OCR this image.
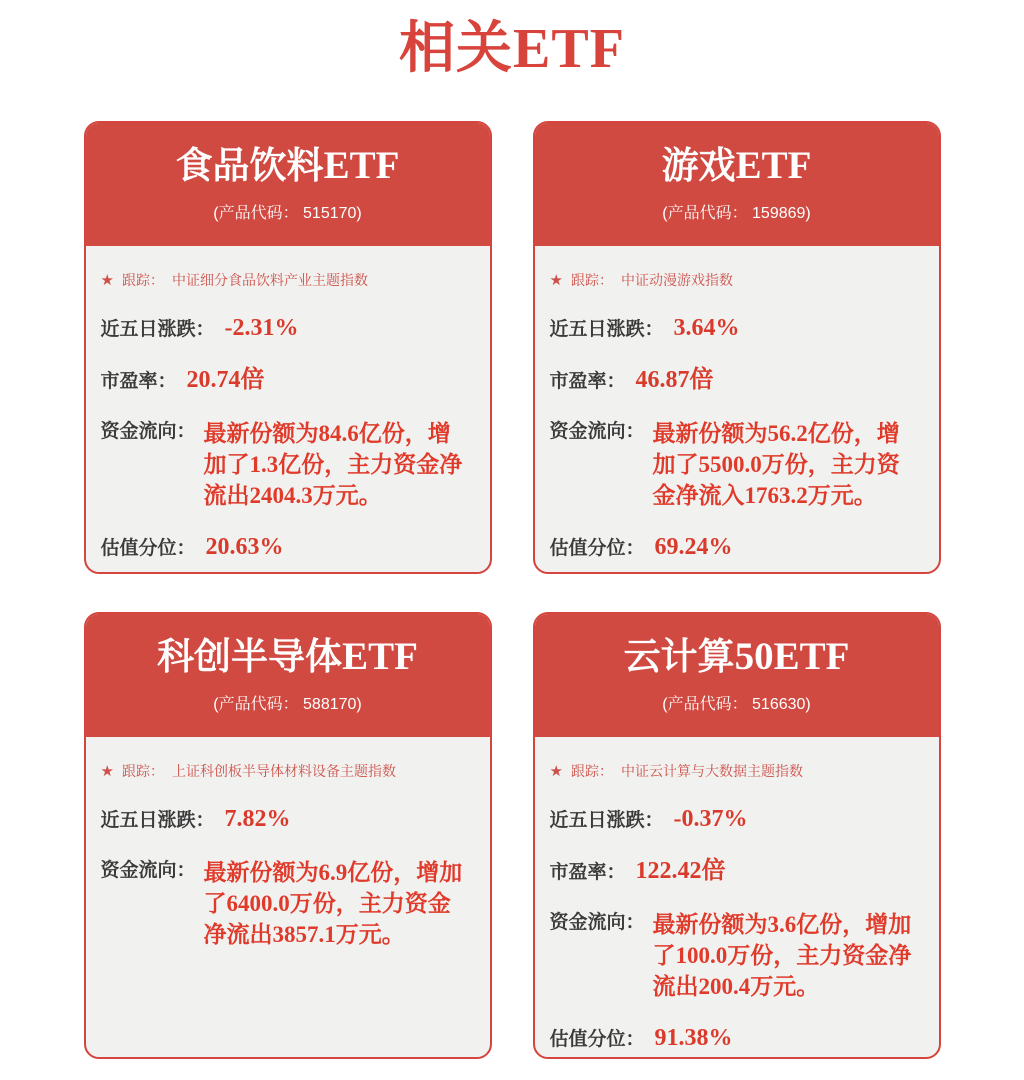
相关ETF
食品饮料ETF
(产品代码： 515170)
★ 跟踪： 中证细分食品饮料产业主题指数
近五日涨跌： -2.31%
市盈率： 20.74倍
资金流向： 最新份额为84.6亿份，增加了1.3亿份，主力资金净流出2404.3万元。
估值分位： 20.63%
游戏ETF
(产品代码： 159869)
★ 跟踪： 中证动漫游戏指数
近五日涨跌： 3.64%
市盈率： 46.87倍
资金流向： 最新份额为56.2亿份，增加了5500.0万份，主力资金净流入1763.2万元。
估值分位： 69.24%
科创半导体ETF
(产品代码： 588170)
★ 跟踪： 上证科创板半导体材料设备主题指数
近五日涨跌： 7.82%
资金流向： 最新份额为6.9亿份，增加了6400.0万份，主力资金净流出3857.1万元。
云计算50ETF
(产品代码： 516630)
★ 跟踪： 中证云计算与大数据主题指数
近五日涨跌： -0.37%
市盈率： 122.42倍
资金流向： 最新份额为3.6亿份，增加了100.0万份，主力资金净流出200.4万元。
估值分位： 91.38%
